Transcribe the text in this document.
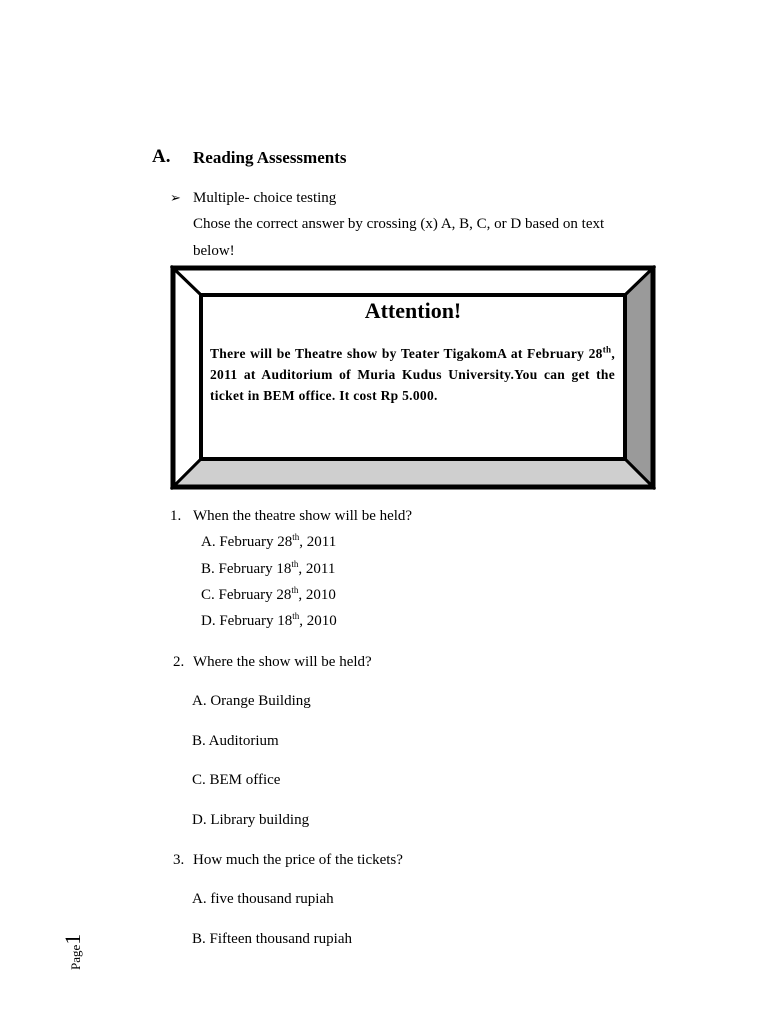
A. Reading Assessments
➢ Multiple- choice testing
Chose the correct answer by crossing (x) A, B, C, or D based on text
below!
Attention!
There will be Theatre show by Teater TigakomA at February 28th, 2011 at Auditorium of Muria Kudus University.You can get the ticket in BEM office. It cost Rp 5.000.
1. When the theatre show will be held?
A. February 28th, 2011
B. February 18th, 2011
C. February 28th, 2010
D. February 18th, 2010
2. Where the show will be held?
A. Orange Building
B. Auditorium
C. BEM office
D. Library building
3. How much the price of the tickets?
A. five thousand rupiah
B. Fifteen thousand rupiah
Page1
